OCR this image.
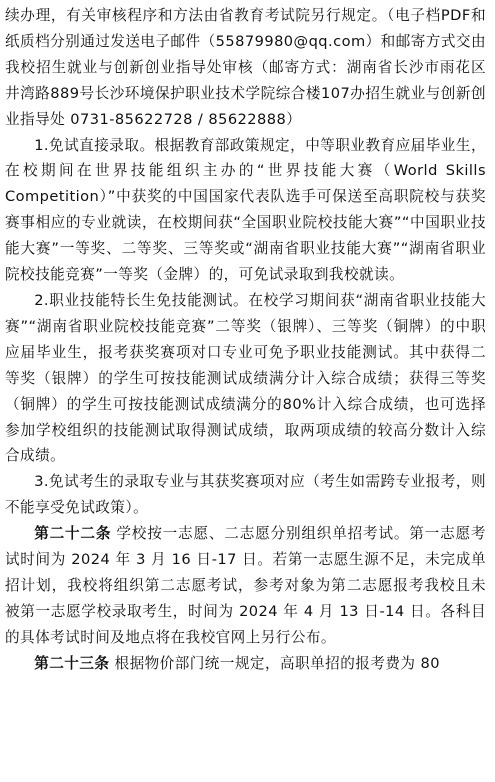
续办理，有关审核程序和方法由省教育考试院另行规定。（电子档PDF和纸质档分别通过发送电子邮件（55879980@qq.com）和邮寄方式交由我校招生就业与创新创业指导处审核（邮寄方式：湖南省长沙市雨花区井湾路889号长沙环境保护职业技术学院综合楼107办招生就业与创新创业指导处 0731-85622728 / 85622888）

1.免试直接录取。根据教育部政策规定，中等职业教育应届毕业生，在校期间在世界技能组织主办的“世界技能大赛（World Skills Competition）”中获奖的中国国家代表队选手可保送至高职院校与获奖赛事相应的专业就读，在校期间获“全国职业院校技能大赛”“中国职业技能大赛”一等奖、二等奖、三等奖或“湖南省职业技能大赛”“湖南省职业院校技能竞赛”一等奖（金牌）的，可免试录取到我校就读。

2.职业技能特长生免技能测试。在校学习期间获“湖南省职业技能大赛”“湖南省职业院校技能竞赛”二等奖（银牌）、三等奖（铜牌）的中职应届毕业生，报考获奖赛项对口专业可免予职业技能测试。其中获得二等奖（银牌）的学生可按技能测试成绩满分计入综合成绩；获得三等奖（铜牌）的学生可按技能测试成绩满分的80%计入综合成绩，也可选择参加学校组织的技能测试取得测试成绩，取两项成绩的较高分数计入综合成绩。

3.免试考生的录取专业与其获奖赛项对应（考生如需跨专业报考，则不能享受免试政策）。

第二十二条 学校按一志愿、二志愿分别组织单招考试。第一志愿考试时间为 2024 年 3 月 16 日-17 日。若第一志愿生源不足，未完成单招计划，我校将组织第二志愿考试，参考对象为第二志愿报考我校且未被第一志愿学校录取考生，时间为 2024 年 4 月 13 日-14 日。各科目的具体考试时间及地点将在我校官网上另行公布。

第二十三条 根据物价部门统一规定，高职单招的报考费为 80
